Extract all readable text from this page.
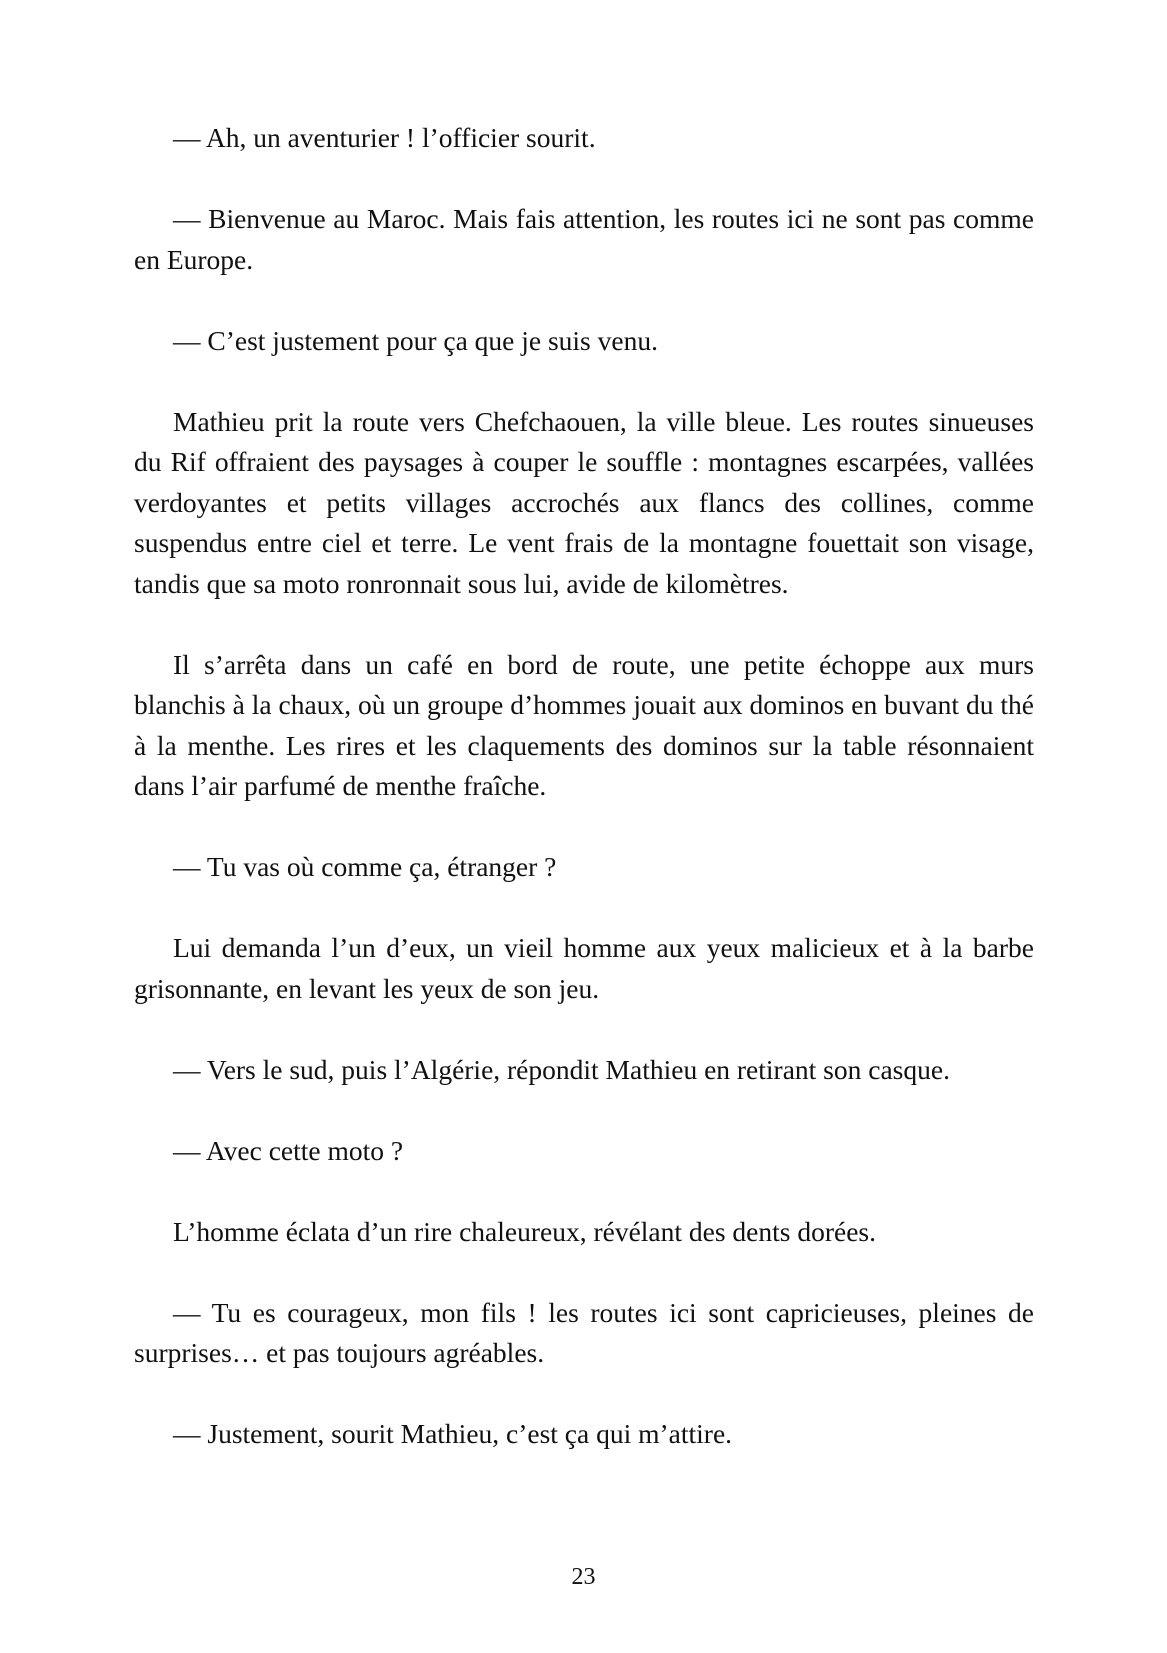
— Ah, un aventurier ! l’officier sourit.

— Bienvenue au Maroc. Mais fais attention, les routes ici ne sont pas comme en Europe.

— C’est justement pour ça que je suis venu.

Mathieu prit la route vers Chefchaouen, la ville bleue. Les routes sinueuses du Rif offraient des paysages à couper le souffle : montagnes escarpées, vallées verdoyantes et petits villages accrochés aux flancs des collines, comme suspendus entre ciel et terre. Le vent frais de la montagne fouettait son visage, tandis que sa moto ronronnait sous lui, avide de kilomètres.

Il s’arrêta dans un café en bord de route, une petite échoppe aux murs blanchis à la chaux, où un groupe d’hommes jouait aux dominos en buvant du thé à la menthe. Les rires et les claquements des dominos sur la table résonnaient dans l’air parfumé de menthe fraîche.

— Tu vas où comme ça, étranger ?

Lui demanda l’un d’eux, un vieil homme aux yeux malicieux et à la barbe grisonnante, en levant les yeux de son jeu.

— Vers le sud, puis l’Algérie, répondit Mathieu en retirant son casque.

— Avec cette moto ?

L’homme éclata d’un rire chaleureux, révélant des dents dorées.

— Tu es courageux, mon fils ! les routes ici sont capricieuses, pleines de surprises… et pas toujours agréables.

— Justement, sourit Mathieu, c’est ça qui m’attire.

23
